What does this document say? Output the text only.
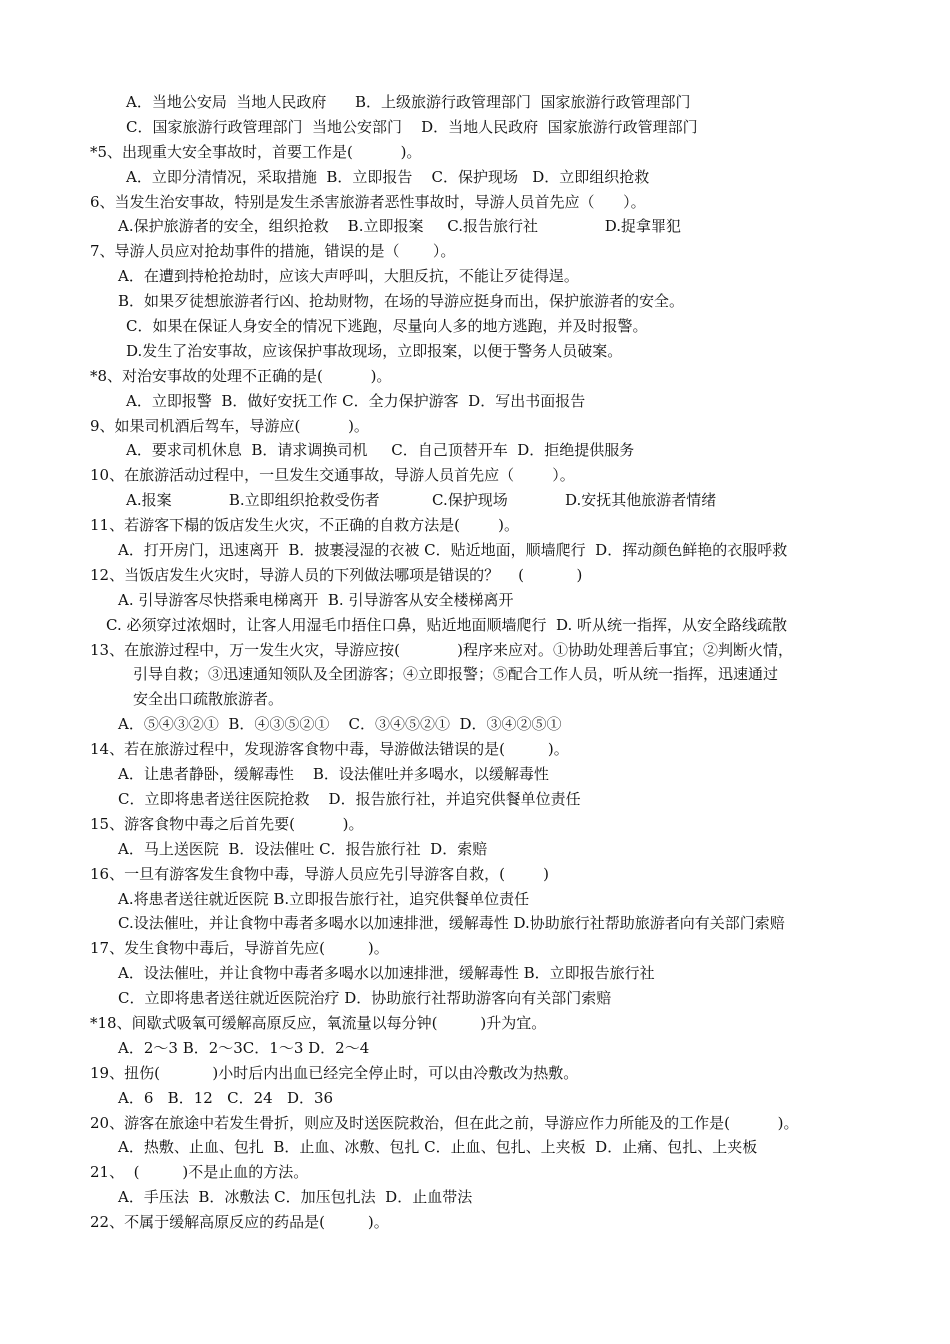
A．当地公安局  当地人民政府      B．上级旅游行政管理部门  国家旅游行政管理部门
C．国家旅游行政管理部门  当地公安部门    D．当地人民政府  国家旅游行政管理部门
*5、出现重大安全事故时，首要工作是(          )。
A．立即分清情况，采取措施  B．立即报告    C．保护现场   D．立即组织抢救
6、当发生治安事故，特别是发生杀害旅游者恶性事故时，导游人员首先应（      ）。
A.保护旅游者的安全，组织抢救    B.立即报案     C.报告旅行社              D.捉拿罪犯
7、导游人员应对抢劫事件的措施，错误的是（       ）。
A．在遭到持枪抢劫时，应该大声呼叫，大胆反抗，不能让歹徒得逞。
B．如果歹徒想旅游者行凶、抢劫财物，在场的导游应挺身而出，保护旅游者的安全。
C．如果在保证人身安全的情况下逃跑，尽量向人多的地方逃跑，并及时报警。
D.发生了治安事故，应该保护事故现场，立即报案，以便于警务人员破案。
*8、对治安事故的处理不正确的是(          )。
A．立即报警  B．做好安抚工作 C．全力保护游客  D．写出书面报告
9、如果司机酒后驾车，导游应(          )。
A．要求司机休息  B．请求调换司机     C．自己顶替开车  D．拒绝提供服务
10、在旅游活动过程中，一旦发生交通事故，导游人员首先应（        ）。
A.报案            B.立即组织抢救受伤者           C.保护现场            D.安抚其他旅游者情绪
11、若游客下榻的饭店发生火灾，不正确的自救方法是(        )。
A．打开房门，迅速离开  B．披裹浸湿的衣被 C．贴近地面，顺墙爬行  D．挥动颜色鲜艳的衣服呼救
12、当饭店发生火灾时，导游人员的下列做法哪项是错误的？    (           )
A. 引导游客尽快搭乘电梯离开  B. 引导游客从安全楼梯离开
C. 必须穿过浓烟时，让客人用湿毛巾捂住口鼻，贴近地面顺墙爬行  D. 听从统一指挥，从安全路线疏散
13、在旅游过程中，万一发生火灾，导游应按(            )程序来应对。①协助处理善后事宜；②判断火情，
引导自救；③迅速通知领队及全团游客；④立即报警；⑤配合工作人员，听从统一指挥，迅速通过
安全出口疏散旅游者。
A．⑤④③②①  B．④③⑤②①    C．③④⑤②①  D．③④②⑤①
14、若在旅游过程中，发现游客食物中毒，导游做法错误的是(         )。
A．让患者静卧，缓解毒性    B．设法催吐并多喝水，以缓解毒性
C．立即将患者送往医院抢救    D．报告旅行社，并追究供餐单位责任
15、游客食物中毒之后首先要(          )。
A．马上送医院  B．设法催吐 C．报告旅行社  D．索赔
16、一旦有游客发生食物中毒，导游人员应先引导游客自救，(        )
A.将患者送往就近医院 B.立即报告旅行社，追究供餐单位责任
C.设法催吐，并让食物中毒者多喝水以加速排泄，缓解毒性 D.协助旅行社帮助旅游者向有关部门索赔
17、发生食物中毒后，导游首先应(         )。
A．设法催吐，并让食物中毒者多喝水以加速排泄，缓解毒性 B．立即报告旅行社
C．立即将患者送往就近医院治疗 D．协助旅行社帮助游客向有关部门索赔
*18、间歇式吸氧可缓解高原反应，氧流量以每分钟(         )升为宜。
A．2～3 B．2～3C．1～3 D．2～4
19、扭伤(           )小时后内出血已经完全停止时，可以由冷敷改为热敷。
A．6   B．12   C．24   D．36
20、游客在旅途中若发生骨折，则应及时送医院救治，但在此之前，导游应作力所能及的工作是(          )。
A．热敷、止血、包扎  B．止血、冰敷、包扎 C．止血、包扎、上夹板  D．止痛、包扎、上夹板
21、  (         )不是止血的方法。
A．手压法  B．冰敷法 C．加压包扎法  D．止血带法
22、不属于缓解高原反应的药品是(         )。
